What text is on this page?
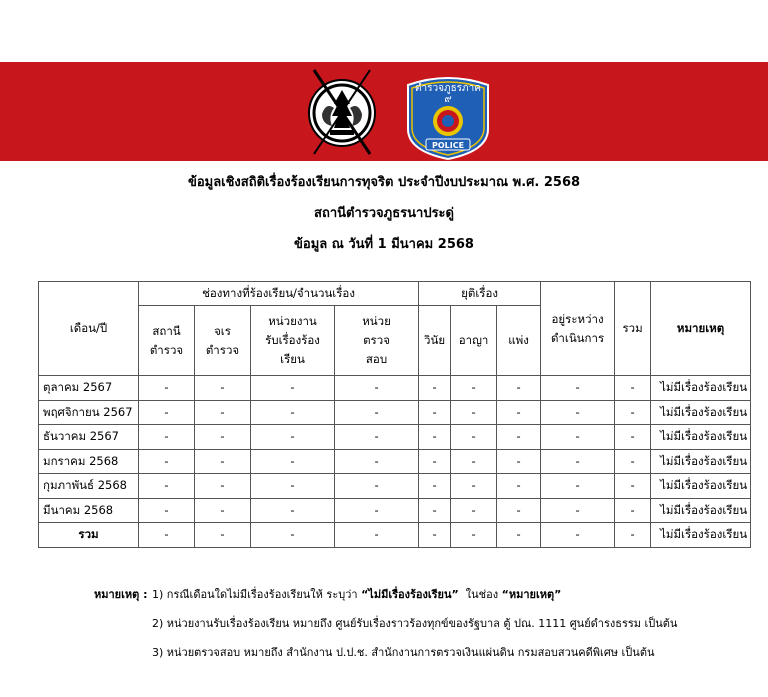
ตำรวจภูธรภาค
๙
POLICE
ข้อมูลเชิงสถิติเรื่องร้องเรียนการทุจริต ประจำปีงบประมาณ พ.ศ. 2568
สถานีตำรวจภูธรนาประดู่
ข้อมูล ณ วันที่ 1 มีนาคม 2568
เดือน/ปี	ช่องทางที่ร้องเรียน/จำนวนเรื่อง				ยุติเรื่อง			อยู่ระหว่างดำเนินการ	รวม	หมายเหตุ
	สถานีตำรวจ	จเรตำรวจ	หน่วยงานรับเรื่องร้องเรียน	หน่วยตรวจสอบ	วินัย	อาญา	แพ่ง			
ตุลาคม 2567	-	-	-	-	-	-	-	-	-	ไม่มีเรื่องร้องเรียน
พฤศจิกายน 2567	-	-	-	-	-	-	-	-	-	ไม่มีเรื่องร้องเรียน
ธันวาคม 2567	-	-	-	-	-	-	-	-	-	ไม่มีเรื่องร้องเรียน
มกราคม 2568	-	-	-	-	-	-	-	-	-	ไม่มีเรื่องร้องเรียน
กุมภาพันธ์ 2568	-	-	-	-	-	-	-	-	-	ไม่มีเรื่องร้องเรียน
มีนาคม 2568	-	-	-	-	-	-	-	-	-	ไม่มีเรื่องร้องเรียน
รวม	-	-	-	-	-	-	-	-	-	ไม่มีเรื่องร้องเรียน
หมายเหตุ : 1) กรณีเดือนใดไม่มีเรื่องร้องเรียนให้ ระบุว่า “ไม่มีเรื่องร้องเรียน” ในช่อง “หมายเหตุ”
2) หน่วยงานรับเรื่องร้องเรียน หมายถึง ศูนย์รับเรื่องราวร้องทุกข์ของรัฐบาล ตู้ ปณ. 1111 ศูนย์ดำรงธรรม เป็นต้น
3) หน่วยตรวจสอบ หมายถึง สำนักงาน ป.ป.ช. สำนักงานการตรวจเงินแผ่นดิน กรมสอบสวนคดีพิเศษ เป็นต้น
